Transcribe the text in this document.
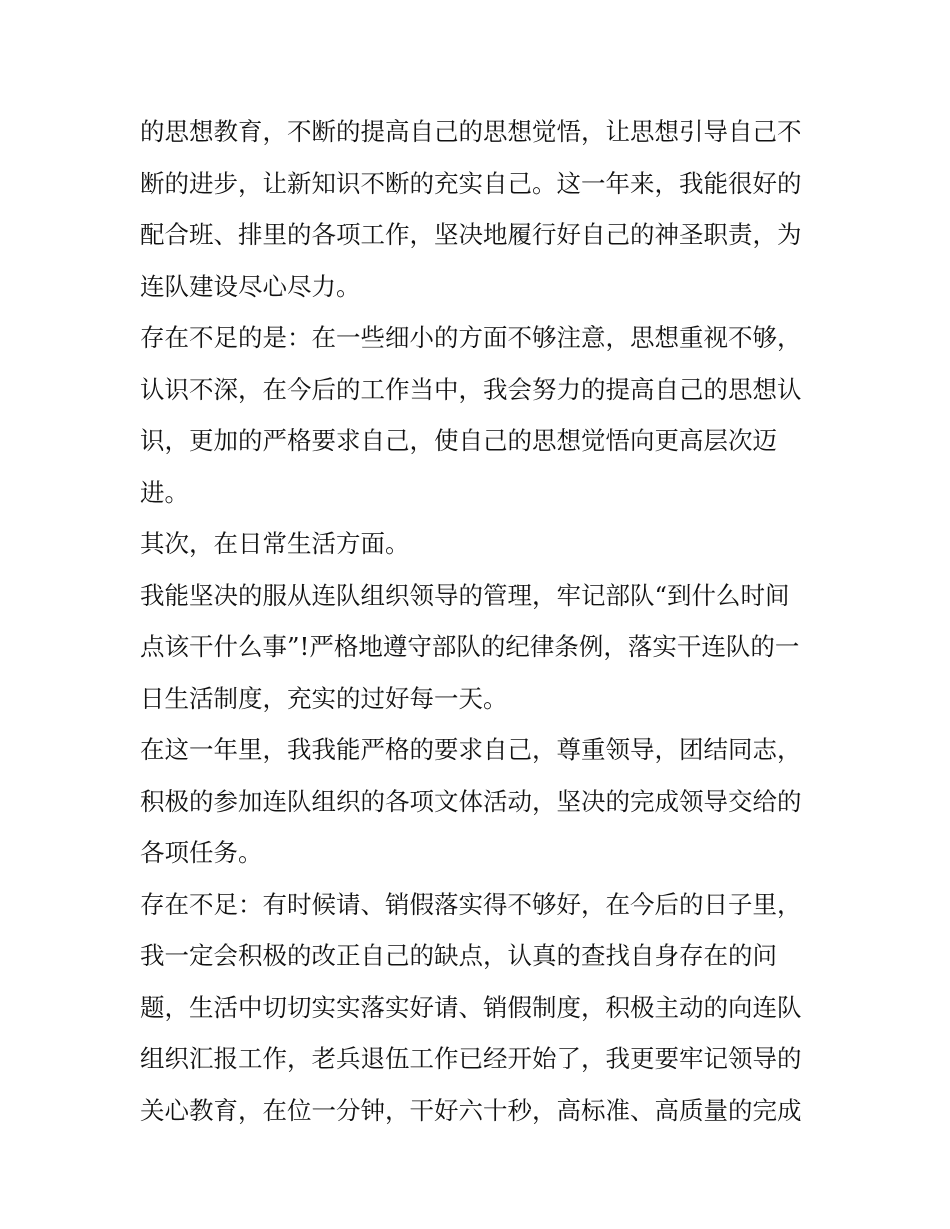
的思想教育，不断的提高自己的思想觉悟，让思想引导自己不
断的进步，让新知识不断的充实自己。这一年来，我能很好的
配合班、排里的各项工作，坚决地履行好自己的神圣职责，为
连队建设尽心尽力。
存在不足的是：在一些细小的方面不够注意，思想重视不够，
认识不深，在今后的工作当中，我会努力的提高自己的思想认
识，更加的严格要求自己，使自己的思想觉悟向更高层次迈
进。
其次，在日常生活方面。
我能坚决的服从连队组织领导的管理，牢记部队“到什么时间
点该干什么事”!严格地遵守部队的纪律条例，落实干连队的一
日生活制度，充实的过好每一天。
在这一年里，我我能严格的要求自己，尊重领导，团结同志，
积极的参加连队组织的各项文体活动，坚决的完成领导交给的
各项任务。
存在不足：有时候请、销假落实得不够好，在今后的日子里，
我一定会积极的改正自己的缺点，认真的查找自身存在的问
题，生活中切切实实落实好请、销假制度，积极主动的向连队
组织汇报工作，老兵退伍工作已经开始了，我更要牢记领导的
关心教育，在位一分钟，干好六十秒，高标准、高质量的完成
